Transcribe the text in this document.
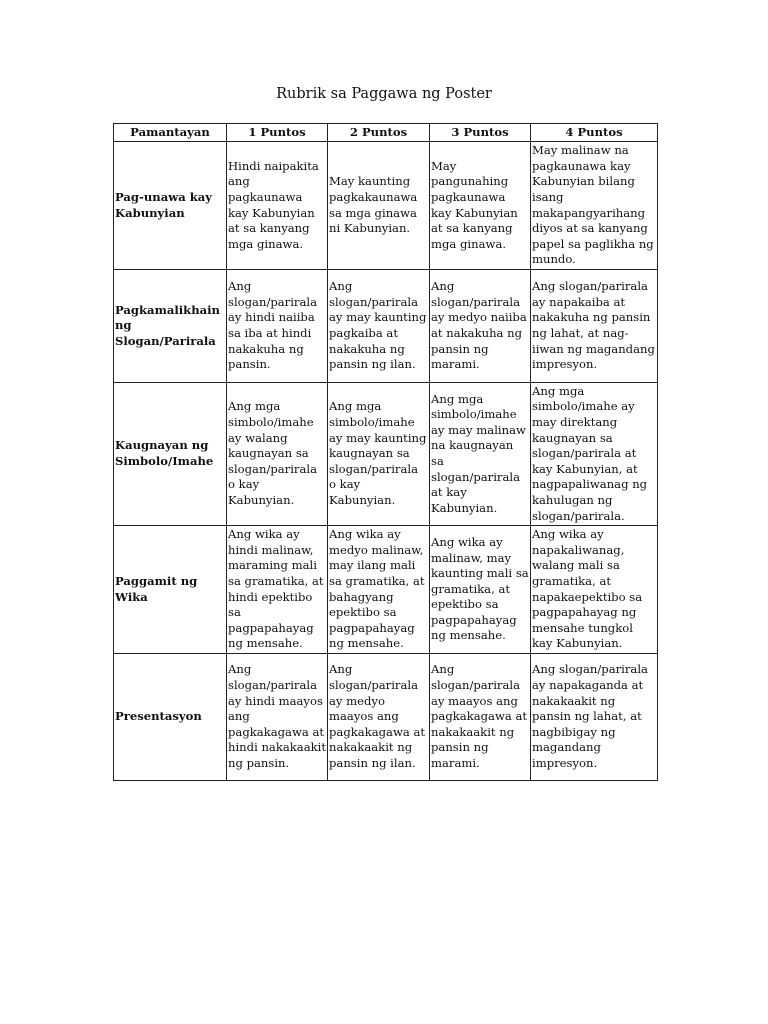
Rubrik sa Paggawa ng Poster
Pamantayan	1 Puntos	2 Puntos	3 Puntos	4 Puntos
Pag-unawa kay Kabunyian	Hindi naipakita ang pagkaunawa kay Kabunyian at sa kanyang mga ginawa.	May kaunting pagkakaunawa sa mga ginawa ni Kabunyian.	May pangunahing pagkaunawa kay Kabunyian at sa kanyang mga ginawa.	May malinaw na pagkaunawa kay Kabunyian bilang isang makapangyarihang diyos at sa kanyang papel sa paglikha ng mundo.
Pagkamalikhain ng Slogan/Parirala	Ang slogan/parirala ay hindi naiiba sa iba at hindi nakakuha ng pansin.	Ang slogan/parirala ay may kaunting pagkaiba at nakakuha ng pansin ng ilan.	Ang slogan/parirala ay medyo naiiba at nakakuha ng pansin ng marami.	Ang slogan/parirala ay napakaiba at nakakuha ng pansin ng lahat, at nag-iiwan ng magandang impresyon.
Kaugnayan ng Simbolo/Imahe	Ang mga simbolo/imahe ay walang kaugnayan sa slogan/parirala o kay Kabunyian.	Ang mga simbolo/imahe ay may kaunting kaugnayan sa slogan/parirala o kay Kabunyian.	Ang mga simbolo/imahe ay may malinaw na kaugnayan sa slogan/parirala at kay Kabunyian.	Ang mga simbolo/imahe ay may direktang kaugnayan sa slogan/parirala at kay Kabunyian, at nagpapaliwanag ng kahulugan ng slogan/parirala.
Paggamit ng Wika	Ang wika ay hindi malinaw, maraming mali sa gramatika, at hindi epektibo sa pagpapahayag ng mensahe.	Ang wika ay medyo malinaw, may ilang mali sa gramatika, at bahagyang epektibo sa pagpapahayag ng mensahe.	Ang wika ay malinaw, may kaunting mali sa gramatika, at epektibo sa pagpapahayag ng mensahe.	Ang wika ay napakaliwanag, walang mali sa gramatika, at napakaepektibo sa pagpapahayag ng mensahe tungkol kay Kabunyian.
Presentasyon	Ang slogan/parirala ay hindi maayos ang pagkakagawa at hindi nakakaakit ng pansin.	Ang slogan/parirala ay medyo maayos ang pagkakagawa at nakakaakit ng pansin ng ilan.	Ang slogan/parirala ay maayos ang pagkakagawa at nakakaakit ng pansin ng marami.	Ang slogan/parirala ay napakaganda at nakakaakit ng pansin ng lahat, at nagbibigay ng magandang impresyon.
